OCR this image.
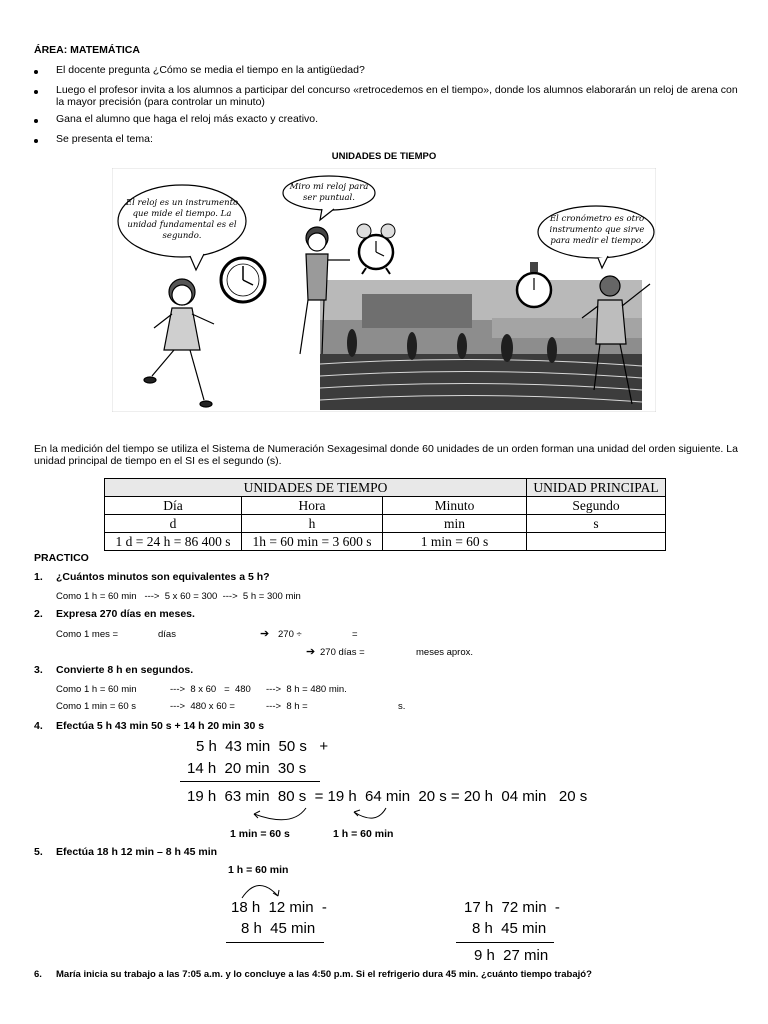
ÁREA: MATEMÁTICA
El docente pregunta ¿Cómo se media el tiempo en la antigüedad?
Luego el profesor invita a los alumnos a participar del concurso «retrocedemos en el tiempo», donde los alumnos elaborarán un reloj de arena con la mayor precisión (para controlar un minuto)
Gana el alumno que haga el reloj más exacto y creativo.
Se presenta el tema:
UNIDADES DE TIEMPO
El reloj es un instrumento que mide el tiempo. La unidad fundamental es el segundo.
Miro mi reloj para ser puntual.
El cronómetro es otro instrumento que sirve para medir el tiempo.
En la medición del tiempo se utiliza el Sistema de Numeración Sexagesimal donde 60 unidades de un orden forman una unidad del orden siguiente. La unidad principal de tiempo en el SI es el segundo (s).
UNIDADES DE TIEMPO			UNIDAD PRINCIPAL
Día	Hora	Minuto	Segundo
d	h	min	s
1 d = 24 h = 86 400 s	1h = 60 min = 3 600 s	1 min = 60 s	
PRACTICO
1. ¿Cuántos minutos son equivalentes a 5 h?
Como 1 h = 60 min   --->  5 x 60 = 300  --->  5 h = 300 min
2. Expresa 270 días en meses.
Como 1 mes =	días	➔ 270 ÷	=
➔ 270 días =	meses aprox.
3. Convierte 8 h en segundos.
Como 1 h = 60 min	--->  8 x 60   =  480 --->  8 h = 480 min.
Como 1 min = 60 s	--->  480 x 60 =	--->  8 h =	s.
4. Efectúa 5 h 43 min 50 s + 14 h 20 min 30 s
5 h  43 min  50 s   +
14 h  20 min  30 s
19 h  63 min  80 s  = 19 h  64 min  20 s = 20 h  04 min   20 s
1 min = 60 s	1 h = 60 min
5. Efectúa 18 h 12 min – 8 h 45 min
1 h = 60 min
18 h  12 min  -
8 h  45 min
17 h  72 min  -
8 h  45 min
9 h  27 min
6. María inicia su trabajo a las 7:05 a.m. y lo concluye a las 4:50 p.m. Si el refrigerio dura 45 min. ¿cuánto tiempo trabajó?
